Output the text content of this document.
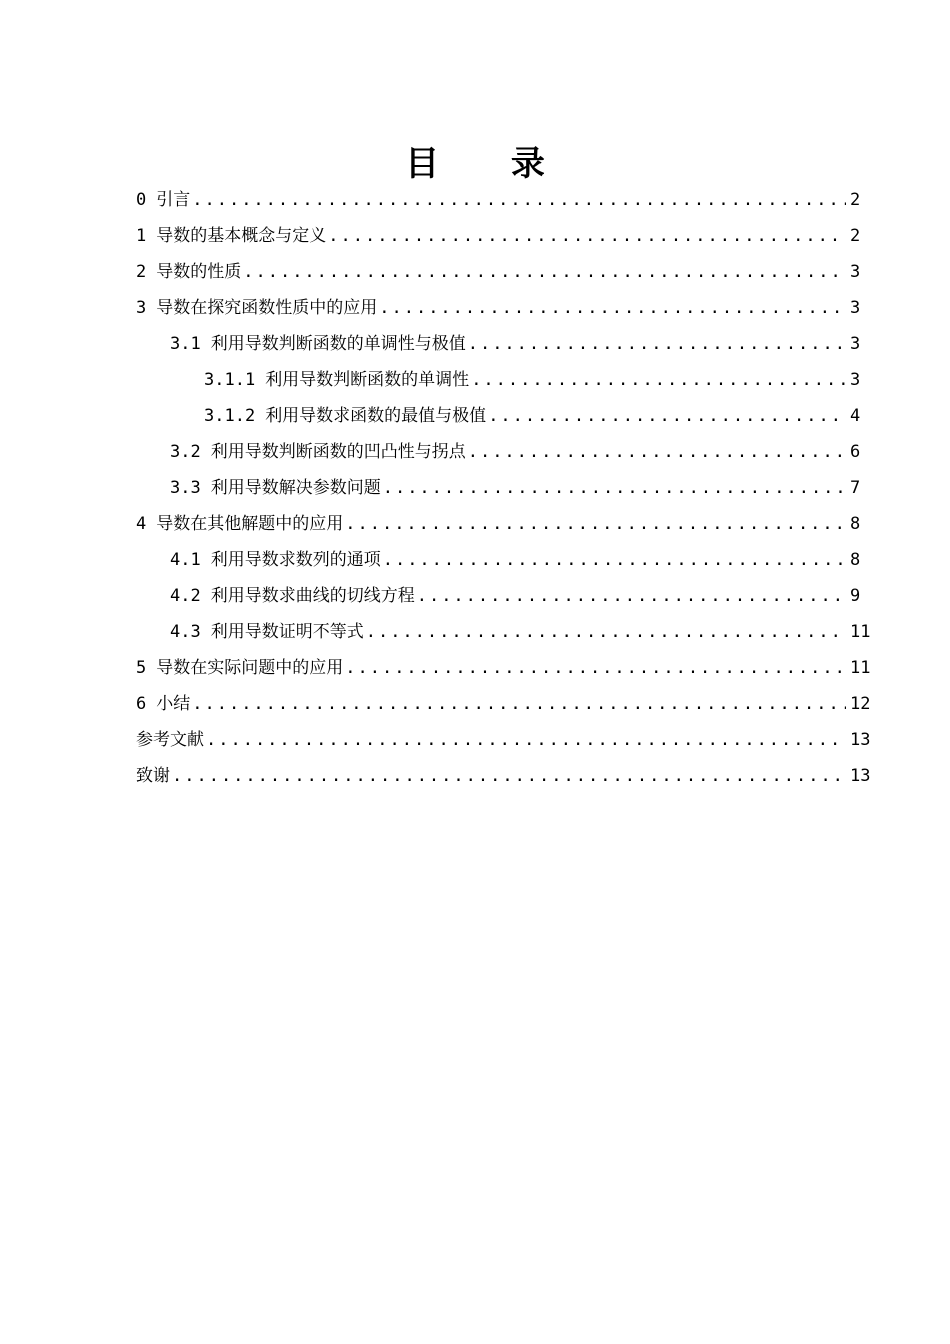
目 录
0 引言 .....	2
1 导数的基本概念与定义 .....	2
2 导数的性质 .....	3
3 导数在探究函数性质中的应用 .....	3
3.1 利用导数判断函数的单调性与极值 .....	3
3.1.1 利用导数判断函数的单调性 .....	3
3.1.2 利用导数求函数的最值与极值 .....	4
3.2 利用导数判断函数的凹凸性与拐点 .....	6
3.3 利用导数解决参数问题 .....	7
4 导数在其他解题中的应用 .....	8
4.1 利用导数求数列的通项 .....	8
4.2 利用导数求曲线的切线方程 .....	9
4.3 利用导数证明不等式 .....	11
5 导数在实际问题中的应用 .....	11
6 小结 .....	12
参考文献 .....	13
致谢 .....	13
